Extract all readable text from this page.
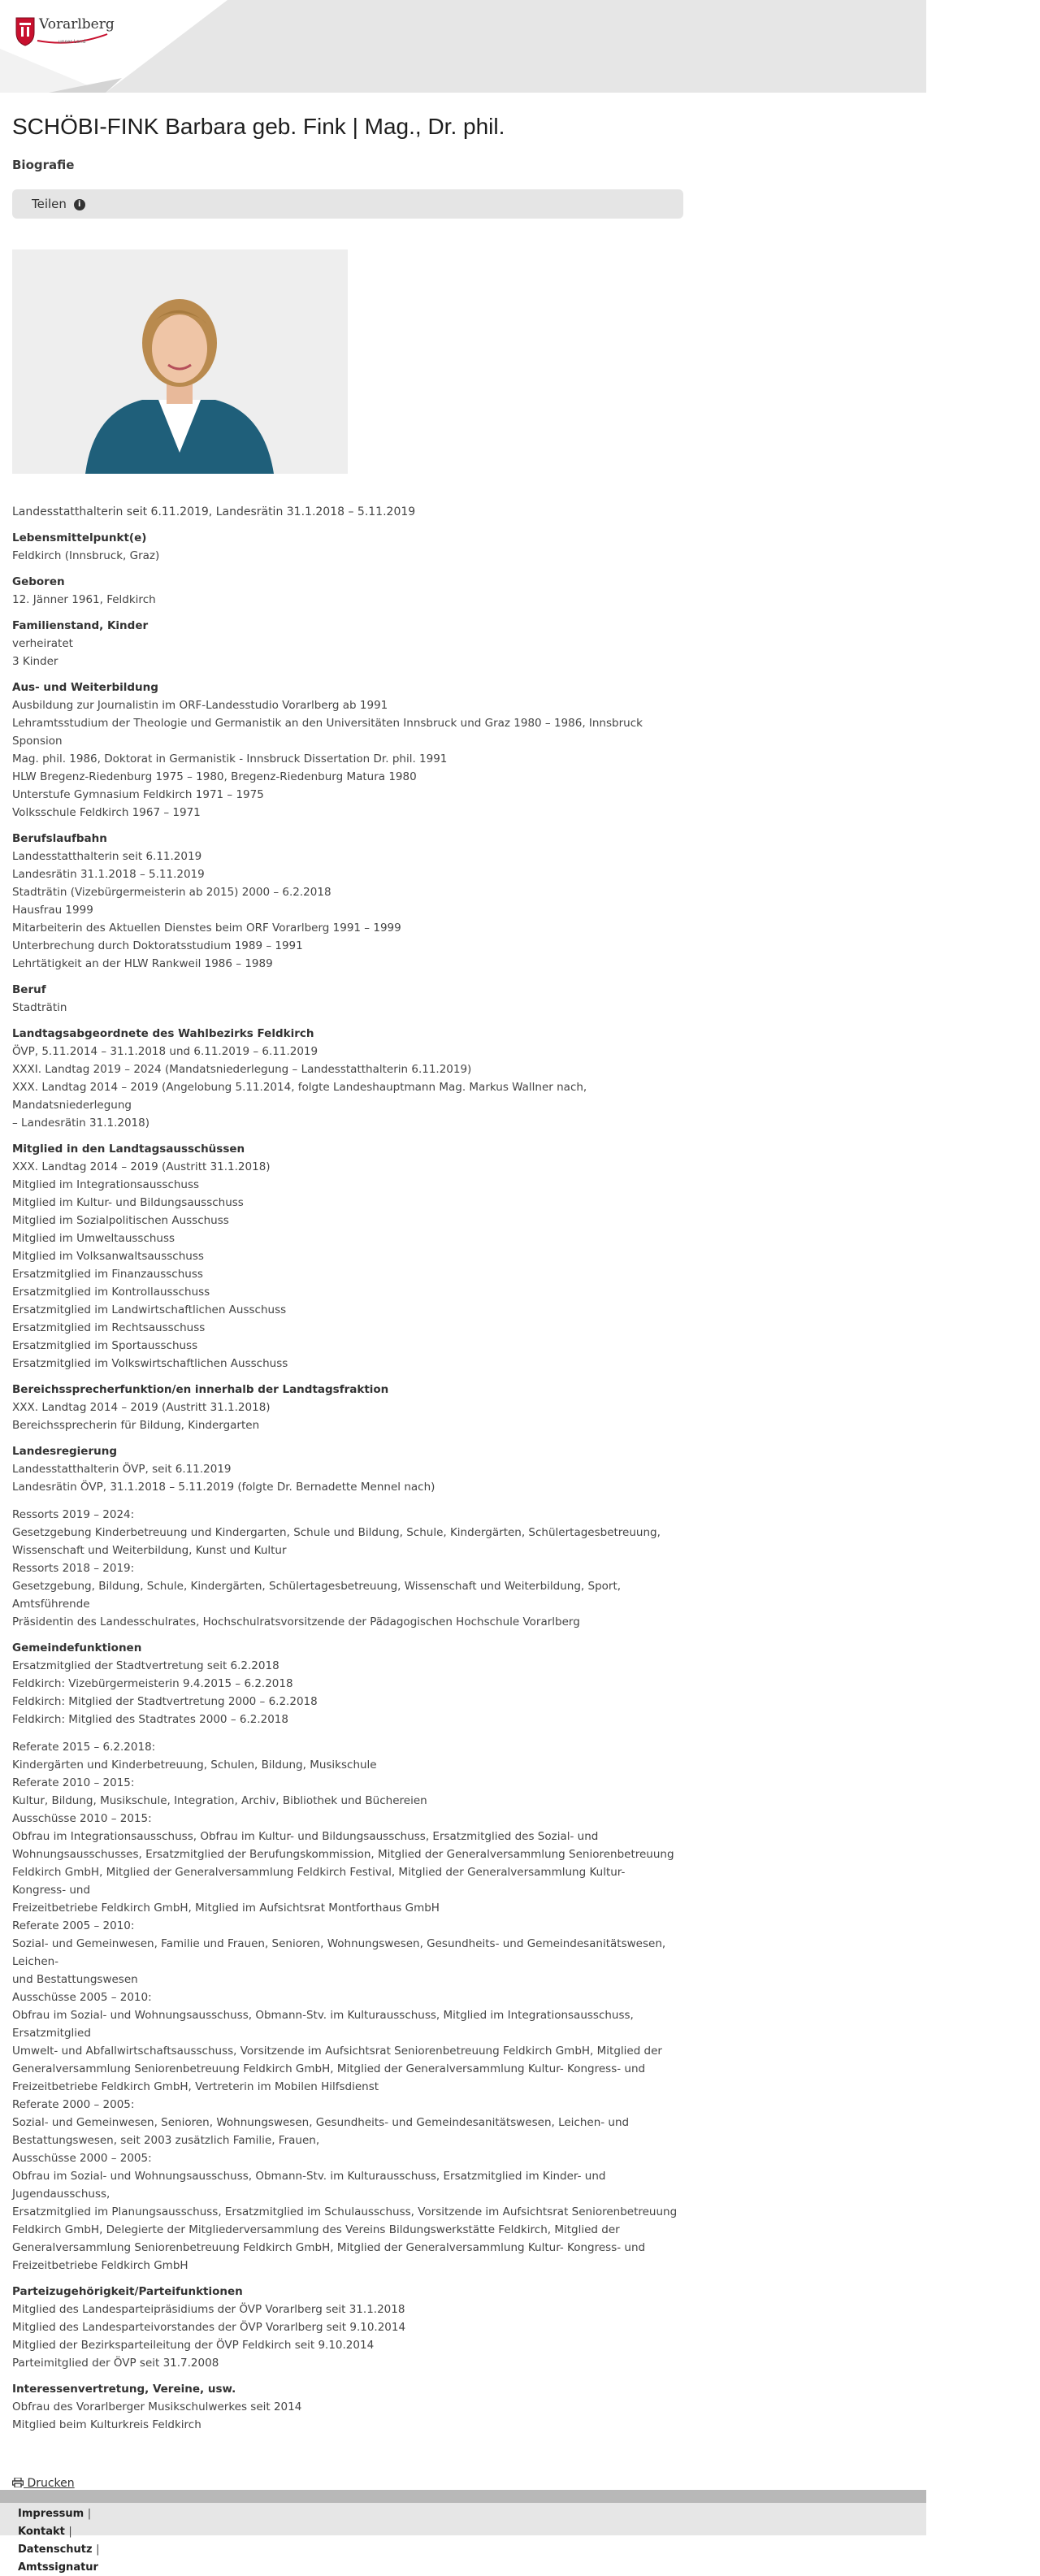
Vorarlberg
unser Land
SCHÖBI-FINK Barbara geb. Fink | Mag., Dr. phil.
Biografie
Teilen i

Landesstatthalterin seit 6.11.2019, Landesrätin 31.1.2018 – 5.11.2019

Lebensmittelpunkt(e)
Feldkirch (Innsbruck, Graz)
Geboren
12. Jänner 1961, Feldkirch
Familienstand, Kinder
verheiratet
3 Kinder
Aus- und Weiterbildung
Ausbildung zur Journalistin im ORF-Landesstudio Vorarlberg ab 1991
Lehramtsstudium der Theologie und Germanistik an den Universitäten Innsbruck und Graz 1980 – 1986, Innsbruck Sponsion
Mag. phil. 1986, Doktorat in Germanistik - Innsbruck Dissertation Dr. phil. 1991
HLW Bregenz-Riedenburg 1975 – 1980, Bregenz-Riedenburg Matura 1980
Unterstufe Gymnasium Feldkirch 1971 – 1975
Volksschule Feldkirch 1967 – 1971
Berufslaufbahn
Landesstatthalterin seit 6.11.2019
Landesrätin 31.1.2018 – 5.11.2019
Stadträtin (Vizebürgermeisterin ab 2015) 2000 – 6.2.2018
Hausfrau 1999
Mitarbeiterin des Aktuellen Dienstes beim ORF Vorarlberg 1991 – 1999
Unterbrechung durch Doktoratsstudium 1989 – 1991
Lehrtätigkeit an der HLW Rankweil 1986 – 1989
Beruf
Stadträtin
Landtagsabgeordnete des Wahlbezirks Feldkirch
ÖVP, 5.11.2014 – 31.1.2018 und 6.11.2019 – 6.11.2019
XXXI. Landtag 2019 – 2024 (Mandatsniederlegung – Landesstatthalterin 6.11.2019)
XXX. Landtag 2014 – 2019 (Angelobung 5.11.2014, folgte Landeshauptmann Mag. Markus Wallner nach, Mandatsniederlegung
– Landesrätin 31.1.2018)
Mitglied in den Landtagsausschüssen
XXX. Landtag 2014 – 2019 (Austritt 31.1.2018)
Mitglied im Integrationsausschuss
Mitglied im Kultur- und Bildungsausschuss
Mitglied im Sozialpolitischen Ausschuss
Mitglied im Umweltausschuss
Mitglied im Volksanwaltsausschuss
Ersatzmitglied im Finanzausschuss
Ersatzmitglied im Kontrollausschuss
Ersatzmitglied im Landwirtschaftlichen Ausschuss
Ersatzmitglied im Rechtsausschuss
Ersatzmitglied im Sportausschuss
Ersatzmitglied im Volkswirtschaftlichen Ausschuss
Bereichssprecherfunktion/en innerhalb der Landtagsfraktion
XXX. Landtag 2014 – 2019 (Austritt 31.1.2018)
Bereichssprecherin für Bildung, Kindergarten
Landesregierung
Landesstatthalterin ÖVP, seit 6.11.2019
Landesrätin ÖVP, 31.1.2018 – 5.11.2019 (folgte Dr. Bernadette Mennel nach)
Ressorts 2019 – 2024:
Gesetzgebung Kinderbetreuung und Kindergarten, Schule und Bildung, Schule, Kindergärten, Schülertagesbetreuung,
Wissenschaft und Weiterbildung, Kunst und Kultur
Ressorts 2018 – 2019:
Gesetzgebung, Bildung, Schule, Kindergärten, Schülertagesbetreuung, Wissenschaft und Weiterbildung, Sport, Amtsführende
Präsidentin des Landesschulrates, Hochschulratsvorsitzende der Pädagogischen Hochschule Vorarlberg
Gemeindefunktionen
Ersatzmitglied der Stadtvertretung seit 6.2.2018
Feldkirch: Vizebürgermeisterin 9.4.2015 – 6.2.2018
Feldkirch: Mitglied der Stadtvertretung 2000 – 6.2.2018
Feldkirch: Mitglied des Stadtrates 2000 – 6.2.2018
Referate 2015 – 6.2.2018:
Kindergärten und Kinderbetreuung, Schulen, Bildung, Musikschule
Referate 2010 – 2015:
Kultur, Bildung, Musikschule, Integration, Archiv, Bibliothek und Büchereien
Ausschüsse 2010 – 2015:
Obfrau im Integrationsausschuss, Obfrau im Kultur- und Bildungsausschuss, Ersatzmitglied des Sozial- und
Wohnungsausschusses, Ersatzmitglied der Berufungskommission, Mitglied der Generalversammlung Seniorenbetreuung
Feldkirch GmbH, Mitglied der Generalversammlung Feldkirch Festival, Mitglied der Generalversammlung Kultur- Kongress- und
Freizeitbetriebe Feldkirch GmbH, Mitglied im Aufsichtsrat Montforthaus GmbH
Referate 2005 – 2010:
Sozial- und Gemeinwesen, Familie und Frauen, Senioren, Wohnungswesen, Gesundheits- und Gemeindesanitätswesen, Leichen-
und Bestattungswesen
Ausschüsse 2005 – 2010:
Obfrau im Sozial- und Wohnungsausschuss, Obmann-Stv. im Kulturausschuss, Mitglied im Integrationsausschuss, Ersatzmitglied
Umwelt- und Abfallwirtschaftsausschuss, Vorsitzende im Aufsichtsrat Seniorenbetreuung Feldkirch GmbH, Mitglied der
Generalversammlung Seniorenbetreuung Feldkirch GmbH, Mitglied der Generalversammlung Kultur- Kongress- und
Freizeitbetriebe Feldkirch GmbH, Vertreterin im Mobilen Hilfsdienst
Referate 2000 – 2005:
Sozial- und Gemeinwesen, Senioren, Wohnungswesen, Gesundheits- und Gemeindesanitätswesen, Leichen- und
Bestattungswesen, seit 2003 zusätzlich Familie, Frauen,
Ausschüsse 2000 – 2005:
Obfrau im Sozial- und Wohnungsausschuss, Obmann-Stv. im Kulturausschuss, Ersatzmitglied im Kinder- und Jugendausschuss,
Ersatzmitglied im Planungsausschuss, Ersatzmitglied im Schulausschuss, Vorsitzende im Aufsichtsrat Seniorenbetreuung
Feldkirch GmbH, Delegierte der Mitgliederversammlung des Vereins Bildungswerkstätte Feldkirch, Mitglied der
Generalversammlung Seniorenbetreuung Feldkirch GmbH, Mitglied der Generalversammlung Kultur- Kongress- und
Freizeitbetriebe Feldkirch GmbH
Parteizugehörigkeit/Parteifunktionen
Mitglied des Landesparteipräsidiums der ÖVP Vorarlberg seit 31.1.2018
Mitglied des Landesparteivorstandes der ÖVP Vorarlberg seit 9.10.2014
Mitglied der Bezirksparteileitung der ÖVP Feldkirch seit 9.10.2014
Parteimitglied der ÖVP seit 31.7.2008
Interessenvertretung, Vereine, usw.
Obfrau des Vorarlberger Musikschulwerkes seit 2014
Mitglied beim Kulturkreis Feldkirch
Drucken
Impressum |
Kontakt |
Datenschutz |
Amtssignatur
